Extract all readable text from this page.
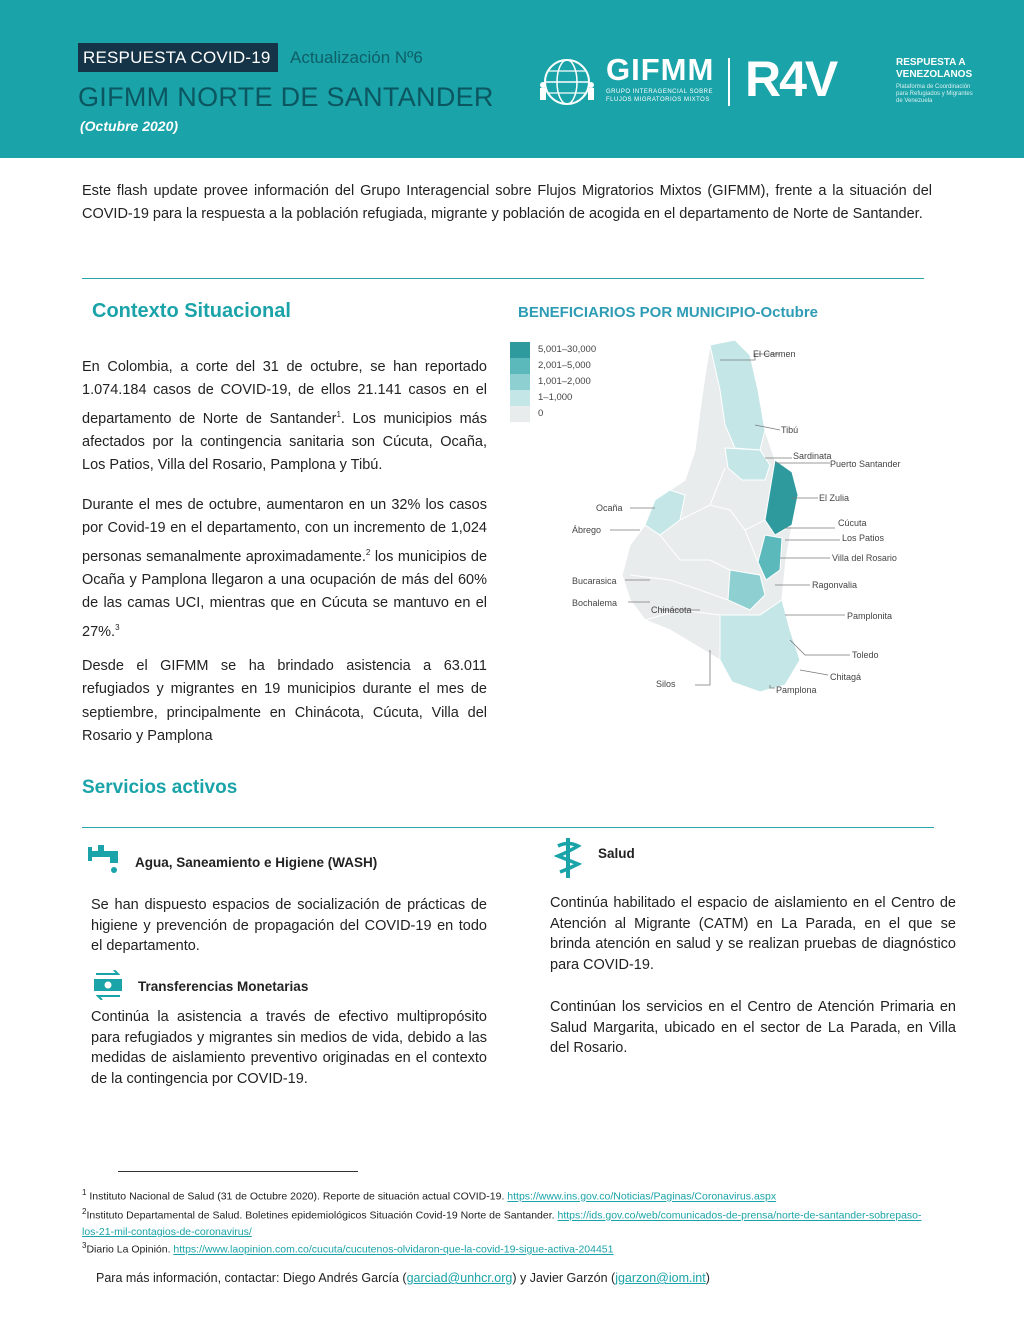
RESPUESTA COVID-19	Actualización Nº6
GIFMM NORTE DE SANTANDER
(Octubre 2020)
GIFMM
GRUPO INTERAGENCIAL SOBRE FLUJOS MIGRATORIOS MIXTOS R4V	RESPUESTA A
VENEZOLANOS
Plataforma de Coordinación para Refugiados y Migrantes de Venezuela
Este flash update provee información del Grupo Interagencial sobre Flujos Migratorios Mixtos (GIFMM), frente a la situación del COVID-19 para la respuesta a la población refugiada, migrante y población de acogida en el departamento de Norte de Santander.
Contexto Situacional
En Colombia, a corte del 31 de octubre, se han reportado 1.074.184 casos de COVID-19, de ellos 21.141 casos en el departamento de Norte de Santander$^1$. Los municipios más afectados por la contingencia sanitaria son Cúcuta, Ocaña, Los Patios, Villa del Rosario, Pamplona y Tibú.
Durante el mes de octubre, aumentaron en un 32% los casos por Covid-19 en el departamento, con un incremento de 1,024 personas semanalmente aproximadamente.$^2$ los municipios de Ocaña y Pamplona llegaron a una ocupación de más del 60% de las camas UCI, mientras que en Cúcuta se mantuvo en el 27%.$^3$
Desde el GIFMM se ha brindado asistencia a 63.011 refugiados y migrantes en 19 municipios durante el mes de septiembre, principalmente en Chinácota, Cúcuta, Villa del Rosario y Pamplona
BENEFICIARIOS POR MUNICIPIO-Octubre
5,001–30,000
2,001–5,000
1,001–2,000
1–1,000
0
El Carmen
Tibú
Sardinata
Puerto Santander
El Zulia
Cúcuta
Los Patios
Villa del Rosario
Ragonvalia
Pamplonita
Toledo
Chitagá
Pamplona
Silos
Ocaña
Ábrego
Bucarasica
Bochalema
Chinácota
Servicios activos
Agua, Saneamiento e Higiene (WASH)
Se han dispuesto espacios de socialización de prácticas de higiene y prevención de propagación del COVID-19 en todo el departamento.
Transferencias Monetarias
Continúa la asistencia a través de efectivo multipropósito para refugiados y migrantes sin medios de vida, debido a las medidas de aislamiento preventivo originadas en el contexto de la contingencia por COVID-19.
Salud
Continúa habilitado el espacio de aislamiento en el Centro de Atención al Migrante (CATM) en La Parada, en el que se brinda atención en salud y se realizan pruebas de diagnóstico para COVID-19.
Continúan los servicios en el Centro de Atención Primaria en Salud Margarita, ubicado en el sector de La Parada, en Villa del Rosario.
$^1$ Instituto Nacional de Salud (31 de Octubre 2020). Reporte de situación actual COVID-19. https://www.ins.gov.co/Noticias/Paginas/Coronavirus.aspx
$^2$Instituto Departamental de Salud. Boletines epidemiológicos Situación Covid-19 Norte de Santander. https://ids.gov.co/web/comunicados-de-prensa/norte-de-santander-sobrepaso-los-21-mil-contagios-de-coronavirus/
$^3$Diario La Opinión. https://www.laopinion.com.co/cucuta/cucutenos-olvidaron-que-la-covid-19-sigue-activa-204451
Para más información, contactar: Diego Andrés García (garciad@unhcr.org) y Javier Garzón (jgarzon@iom.int)
